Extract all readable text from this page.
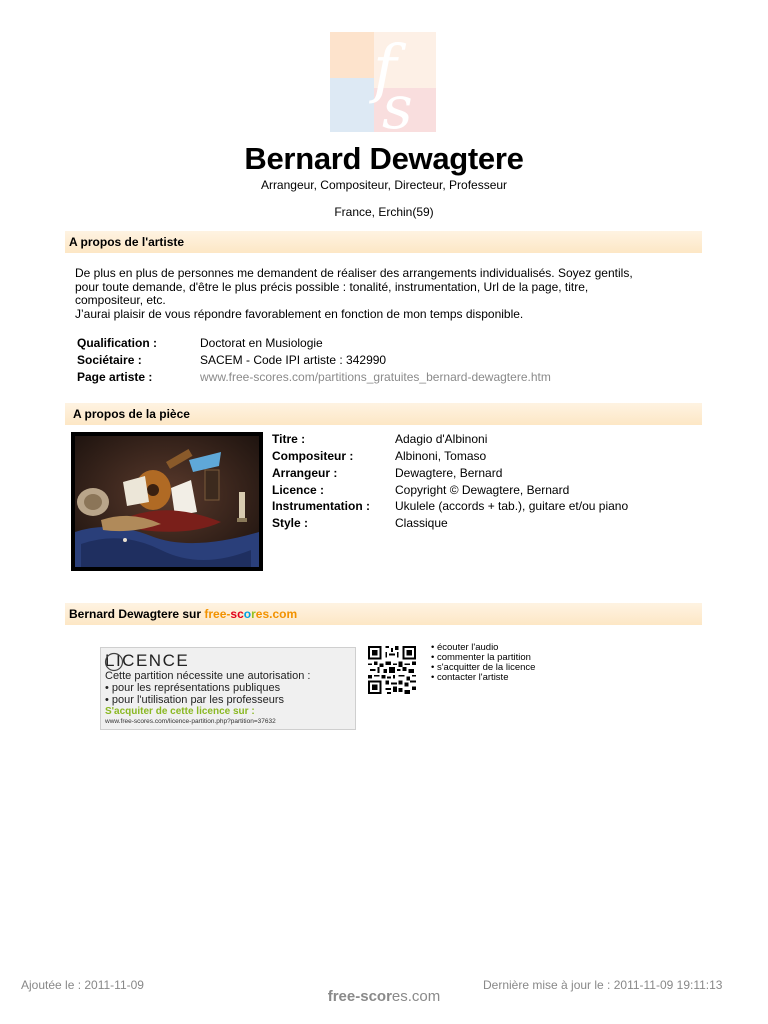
f
s
Bernard Dewagtere
Arrangeur, Compositeur, Directeur, Professeur
France, Erchin(59)
A propos de l'artiste
De plus en plus de personnes me demandent de réaliser des arrangements individualisés. Soyez gentils,
pour toute demande, d'être le plus précis possible : tonalité, instrumentation, Url de la page, titre,
compositeur, etc.
J’aurai plaisir de vous répondre favorablement en fonction de mon temps disponible.
Qualification :	Doctorat en Musiologie
Sociétaire :	SACEM - Code IPI artiste : 342990
Page artiste :	www.free-scores.com/partitions_gratuites_bernard-dewagtere.htm
A propos de la pièce
Titre :	Adagio d'Albinoni
Compositeur :	Albinoni, Tomaso
Arrangeur :	Dewagtere, Bernard
Licence :	Copyright © Dewagtere, Bernard
Instrumentation : Ukulele (accords + tab.), guitare et/ou piano
Style :	Classique
Bernard Dewagtere sur free-scores.com
LICENCE
Cette partition nécessite une autorisation :
• pour les représentations publiques
• pour l'utilisation par les professeurs
S'acquiter de cette licence sur :
www.free-scores.com/licence-partition.php?partition=37632
• écouter l'audio
• commenter la partition
• s'acquitter de la licence
• contacter l'artiste
Ajoutée le : 2011-11-09	Dernière mise à jour le : 2011-11-09 19:11:13
free-scores.com
